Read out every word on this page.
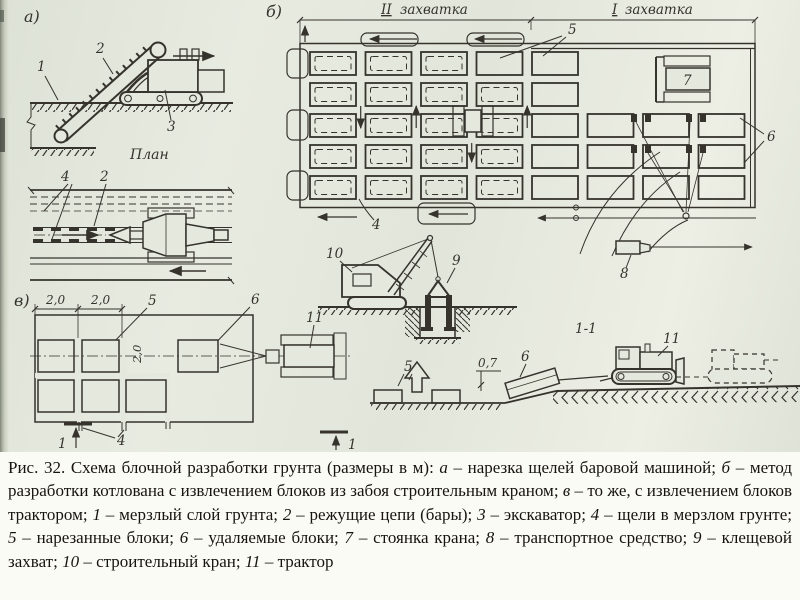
а)
1
2
3
План
4 2
б)	II захватка	I захватка
5
7
6
4
8
10	9
в) 2,0 2,0	5	6
2,0
11
4
1	1
1-1
5	0,7 6
11

Рис. 32. Схема блочной разработки грунта (размеры в м): а – нарезка щелей баровой машиной; б – метод разработки котлована с извлечением блоков из забоя строительным краном; в – то же, с извлечением блоков трактором; 1 – мерзлый слой грунта; 2 – режущие цепи (бары); 3 – экскаватор; 4 – щели в мерзлом грунте; 5 – нарезанные блоки; 6 – удаляемые блоки; 7 – стоянка крана; 8 – транспортное средство; 9 – клещевой захват; 10 – строительный кран; 11 – трактор
